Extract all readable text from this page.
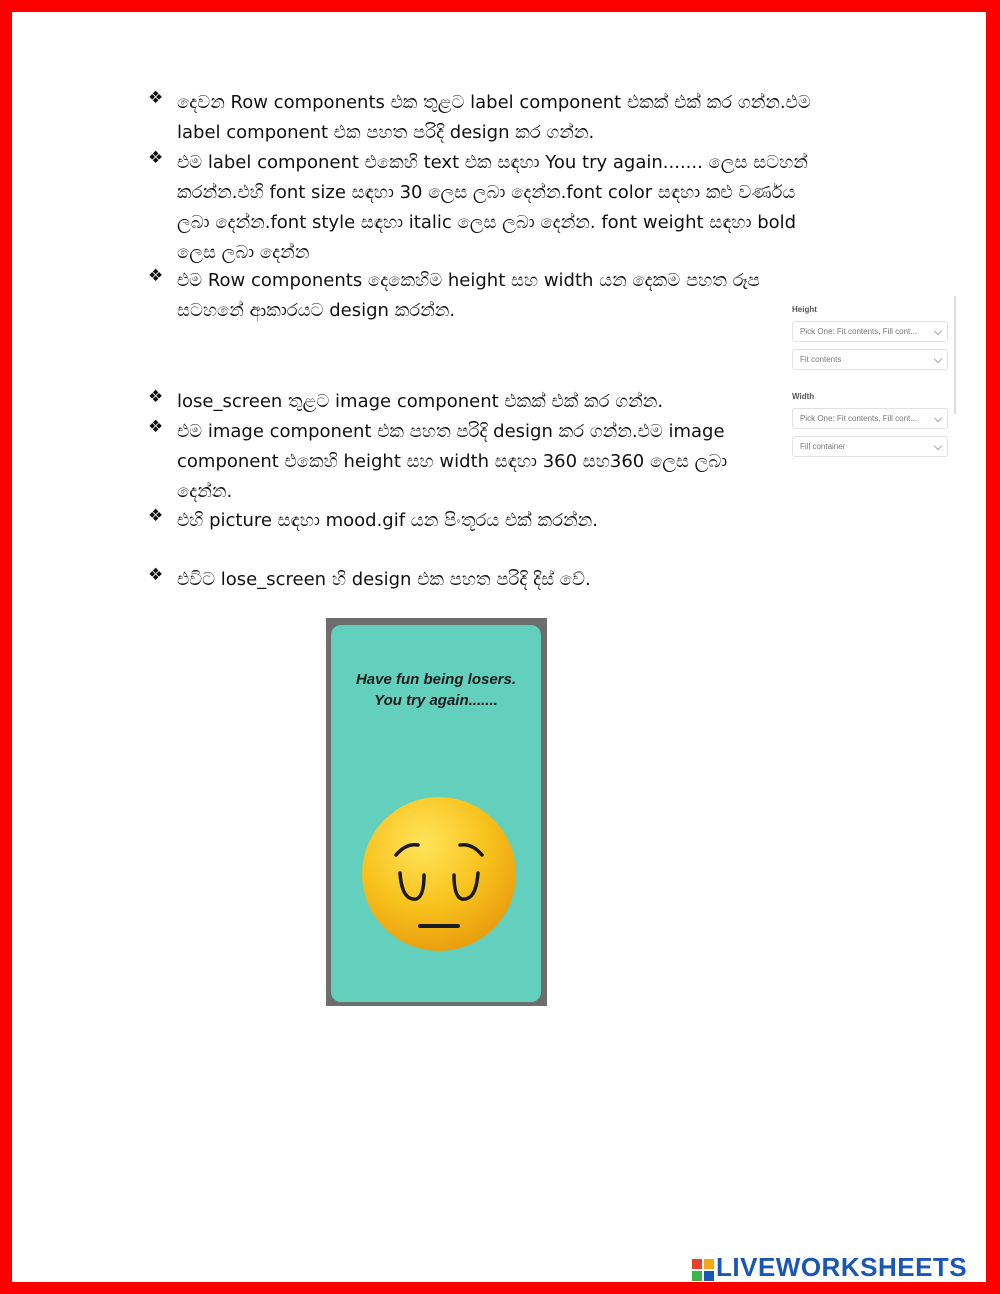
❖ දෙවන Row components එක තුළට label component එකක් එක් කර ගන්න.එම
label component එක පහත පරිදි design කර ගන්න.
❖ එම label component එකෙහි text එක සඳහා You try again....... ලෙස සටහන්
කරන්න.එහි font size සඳහා 30 ලෙස ලබා දෙන්න.font color සඳහා කළු වර්ණය
ලබා දෙන්න.font style සඳහා italic ලෙස ලබා දෙන්න. font weight සඳහා bold
ලෙස ලබා දෙන්න
❖ එම Row components දෙකෙහිම height සහ width යන දෙකම පහත රූප
සටහනේ ආකාරයට design කරන්න.
❖ lose_screen තුළට image component එකක් එක් කර ගන්න.
❖ එම image component එක පහත පරිදි design කර ගන්න.එම image
component එකෙහි height සහ width සඳහා 360 සහ360 ලෙස ලබා
දෙන්න.
❖ එහි picture සඳහා mood.gif යන පිංතූරය එක් කරන්න.
❖ එවිට lose_screen හි design එක පහත පරිදි දිස් වේ.
Height
Pick One: Fit contents, Fill cont...
Fit contents
Width
Pick One: Fit contents, Fill cont...
Fill container
Have fun being losers.
You try again.......
LIVEWORKSHEETS
